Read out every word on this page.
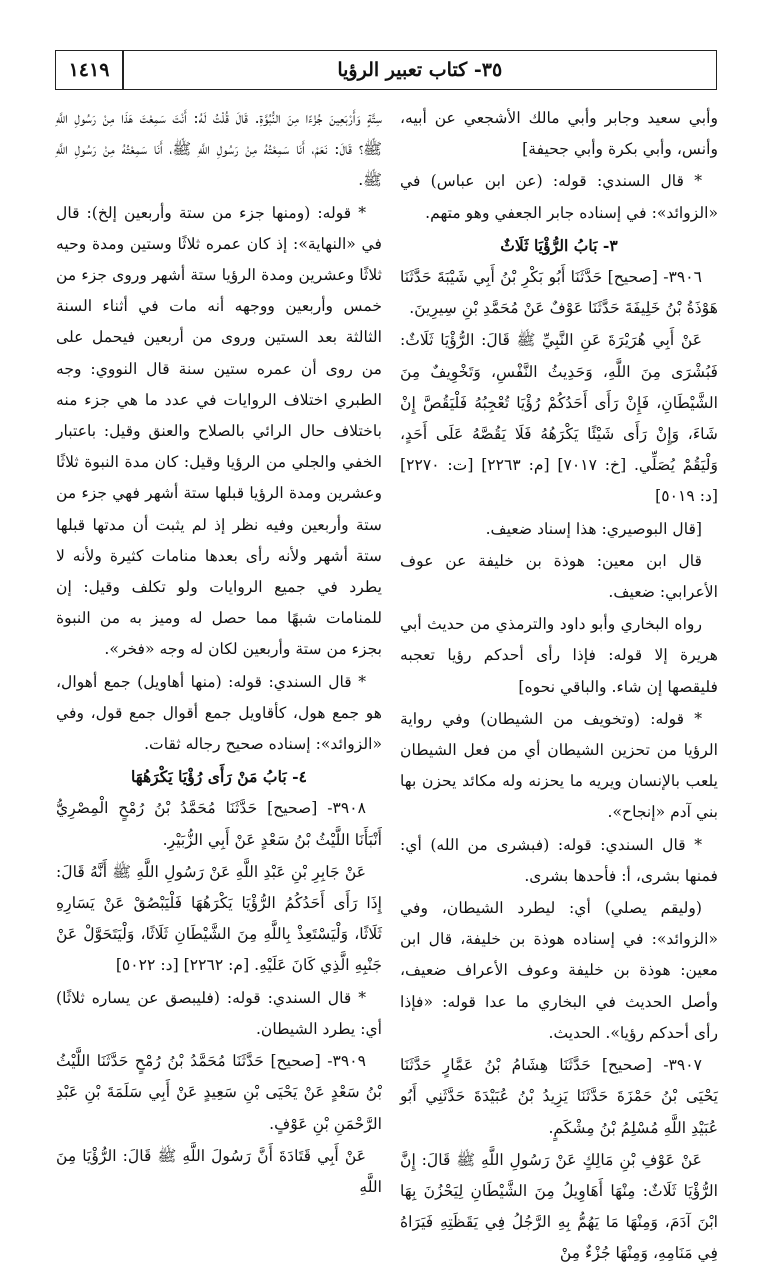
٣٥- كتاب تعبير الرؤيا
١٤١٩

وأبي سعيد وجابر وأبي مالك الأشجعي عن أبيه، وأنس، وأبي بكرة وأبي جحيفة]

* قال السندي: قوله: (عن ابن عباس) في «الزوائد»: في إسناده جابر الجعفي وهو متهم.

٣- بَابُ الرُّؤْيَا ثَلَاثٌ

٣٩٠٦- [صحيح] حَدَّثَنَا أَبُو بَكْرِ بْنُ أَبِي شَيْبَةَ حَدَّثَنَا هَوْذَةُ بْنُ خَلِيفَةَ حَدَّثَنَا عَوْفٌ عَنْ مُحَمَّدِ بْنِ سِيرِينَ.

عَنْ أَبِي هُرَيْرَةَ عَنِ النَّبِيِّ ﷺ قَالَ: الرُّؤْيَا ثَلَاثٌ: فَبُشْرَى مِنَ اللَّهِ، وَحَدِيثُ النَّفْسِ، وَتَخْوِيفٌ مِنَ الشَّيْطَانِ، فَإِنْ رَأَى أَحَدُكُمْ رُؤْيَا تُعْجِبُهُ فَلْيَقُصَّ إِنْ شَاءَ، وَإِنْ رَأَى شَيْئًا يَكْرَهُهُ فَلَا يَقُصَّهُ عَلَى أَحَدٍ، وَلْيَقُمْ يُصَلِّي. [خ: ٧٠١٧] [م: ٢٢٦٣] [ت: ٢٢٧٠] [د: ٥٠١٩]

[قال البوصيري: هذا إسناد ضعيف.

قال ابن معين: هوذة بن خليفة عن عوف الأعرابي: ضعيف.

رواه البخاري وأبو داود والترمذي من حديث أبي هريرة إلا قوله: فإذا رأى أحدكم رؤيا تعجبه فليقصها إن شاء. والباقي نحوه]

* قوله: (وتخويف من الشيطان) وفي رواية الرؤيا من تحزين الشيطان أي من فعل الشيطان يلعب بالإنسان ويريه ما يحزنه وله مكائد يحزن بها بني آدم «إنجاح».

* قال السندي: قوله: (فبشرى من الله) أي: فمنها بشرى، أ: فأحدها بشرى.

(وليقم يصلي) أي: ليطرد الشيطان، وفي «الزوائد»: في إسناده هوذة بن خليفة، قال ابن معين: هوذة بن خليفة وعوف الأعراف ضعيف، وأصل الحديث في البخاري ما عدا قوله: «فإذا رأى أحدكم رؤيا». الحديث.

٣٩٠٧- [صحيح] حَدَّثَنَا هِشَامُ بْنُ عَمَّارٍ حَدَّثَنَا يَحْيَى بْنُ حَمْزَةَ حَدَّثَنَا يَزِيدُ بْنُ عُبَيْدَةَ حَدَّثَنِي أَبُو عُبَيْدِ اللَّهِ مُسْلِمُ بْنُ مِشْكَمٍ.

عَنْ عَوْفِ بْنِ مَالِكٍ عَنْ رَسُولِ اللَّهِ ﷺ قَالَ: إِنَّ الرُّؤْيَا ثَلَاثٌ: مِنْهَا أَهَاوِيلُ مِنَ الشَّيْطَانِ لِيَحْزُنَ بِهَا ابْنَ آدَمَ، وَمِنْهَا مَا يَهُمُّ بِهِ الرَّجُلُ فِي يَقَظَتِهِ فَيَرَاهُ فِي مَنَامِهِ، وَمِنْهَا جُزْءٌ مِنْ

سِتَّةٍ وَأَرْبَعِينَ جُزْءًا مِنَ النُّبُوَّةِ. قَالَ قُلْتُ لَهُ: أَنْتَ سَمِعْتَ هَذَا مِنْ رَسُولِ اللَّهِ ﷺ؟ قَالَ: نَعَمْ، أَنَا سَمِعْتُهُ مِنْ رَسُولِ اللَّهِ ﷺ، أَنَا سَمِعْتُهُ مِنْ رَسُولِ اللَّهِ ﷺ.

* قوله: (ومنها جزء من ستة وأربعين إلخ): قال في «النهاية»: إذ كان عمره ثلاثًا وستين ومدة وحيه ثلاثًا وعشرين ومدة الرؤيا ستة أشهر وروى جزء من خمس وأربعين ووجهه أنه مات في أثناء السنة الثالثة بعد الستين وروى من أربعين فيحمل على من روى أن عمره ستين سنة قال النووي: وجه الطبري اختلاف الروايات في عدد ما هي جزء منه باختلاف حال الرائي بالصلاح والعنق وقيل: باعتبار الخفي والجلي من الرؤيا وقيل: كان مدة النبوة ثلاثًا وعشرين ومدة الرؤيا قبلها ستة أشهر فهي جزء من ستة وأربعين وفيه نظر إذ لم يثبت أن مدتها قبلها ستة أشهر ولأنه رأى بعدها منامات كثيرة ولأنه لا يطرد في جميع الروايات ولو تكلف وقيل: إن للمنامات شبهًا مما حصل له وميز به من النبوة بجزء من ستة وأربعين لكان له وجه «فخر».

* قال السندي: قوله: (منها أهاويل) جمع أهوال، هو جمع هول، كأقاويل جمع أقوال جمع قول، وفي «الزوائد»: إسناده صحيح رجاله ثقات.

٤- بَابُ مَنْ رَأَى رُؤْيَا يَكْرَهُهَا

٣٩٠٨- [صحيح] حَدَّثَنَا مُحَمَّدُ بْنُ رُمْحٍ الْمِصْرِيُّ أَنْبَأَنَا اللَّيْثُ بْنُ سَعْدٍ عَنْ أَبِي الزُّبَيْرِ.

عَنْ جَابِرِ بْنِ عَبْدِ اللَّهِ عَنْ رَسُولِ اللَّهِ ﷺ أَنَّهُ قَالَ: إِذَا رَأَى أَحَدُكُمُ الرُّؤْيَا يَكْرَهُهَا فَلْيَبْصُقْ عَنْ يَسَارِهِ ثَلَاثًا، وَلْيَسْتَعِذْ بِاللَّهِ مِنَ الشَّيْطَانِ ثَلَاثًا، وَلْيَتَحَوَّلْ عَنْ جَنْبِهِ الَّذِي كَانَ عَلَيْهِ. [م: ٢٢٦٢] [د: ٥٠٢٢]

* قال السندي: قوله: (فليبصق عن يساره ثلاثًا) أي: يطرد الشيطان.

٣٩٠٩- [صحيح] حَدَّثَنَا مُحَمَّدُ بْنُ رُمْحٍ حَدَّثَنَا اللَّيْثُ بْنُ سَعْدٍ عَنْ يَحْيَى بْنِ سَعِيدٍ عَنْ أَبِي سَلَمَةَ بْنِ عَبْدِ الرَّحْمَنِ بْنِ عَوْفٍ.

عَنْ أَبِي قَتَادَةَ أَنَّ رَسُولَ اللَّهِ ﷺ قَالَ: الرُّؤْيَا مِنَ اللَّهِ
